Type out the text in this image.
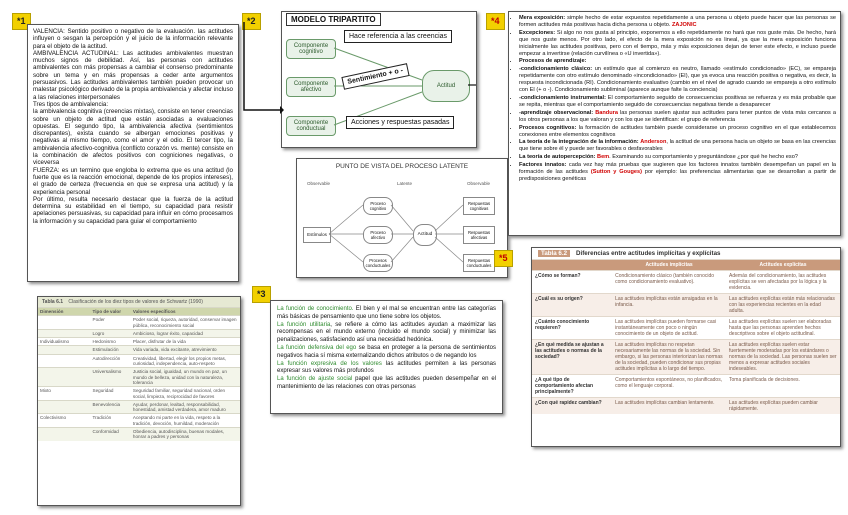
*1

VALENCIA: Sentido positivo o negativo de la evaluación. las actitudes influyen o sesgan la percepción y el juicio de la información relevante para el objeto de la actitud.

AMBIVALENCIA ACTUDINAL: Las actitudes ambivalentes muestran muchos signos de debilidad. Así, las personas con actitudes ambivalentes con más propensas a cambiar el consenso predominante sobre un tema y en más propensas a ceder ante argumentos persuasivos. Las actitudes ambivalentes también pueden provocar un malestar psicológico derivado de la propia ambivalencia y afectar incluso a las relaciones interpersonales

Tres tipos de ambivalencia:

la ambivalencia cognitiva (creencias mixtas), consiste en tener creencias sobre un objeto de actitud que están asociadas a evaluaciones opuestas. El segundo tipo, la ambivalencia afectiva (sentimientos discrepantes), exista cuando se albergan emociones positivas y negativas al mismo tiempo, como el amor y el odio. El tercer tipo, la ambivalencia afectivo-cognitiva (conflicto corazón vs. mente) consiste en la combinación de afectos positivos con cogniciones negativas, o viceversa

FUERZA: es un termino que engloba lo extrema que es una actitud (lo fuerte que es la reacción emocional, depende de los propios intereses), el grado de certeza (frecuencia en que se expresa una actitud) y la experiencia personal

Por último, resulta necesario destacar que la fuerza de la actitud determina su estabilidad en el tiempo, su capacidad para resistir apelaciones persuasivas, su capacidad para influir en cómo procesamos la información y su capacidad para guiar el comportamiento

Tabla 6.1 Clasificación de los diez tipos de valores de Schwartz (1990)
Dimensión	Tipo de valor	Valores específicos
	Poder	Poder social, riqueza, autoridad, conservar imagen pública, reconocimiento social
	Logro	Ambicioso, lograr éxito, capacidad
Individualismo	Hedonismo	Placer, disfrutar de la vida
	Estimulación	Vida variada, vida excitante, atrevimiento
	Autodirección	Creatividad, libertad, elegir los propios metas, curiosidad, independencia, auto-respeto
	Universalismo	Justicia social, igualdad, un mundo en paz, un mundo de belleza, unidad con la naturaleza, tolerancia
Mixto	Seguridad	Seguridad familiar, seguridad nacional, orden social, limpieza, reciprocidad de favores
	Benevolencia	Ayudar, perdonar, lealtad, responsabilidad, honestidad, amistad verdadera, amor maduro
Colectivismo	Tradición	Aceptando mi parte en la vida, respeto a la tradición, devoción, humildad, moderación
	Conformidad	Obediencia, autodisciplina, buenas modales, honrar a padres y personas
*2	MODELO TRIPARTITO
Componente cognitivo
Componente afectivo
Componente conductual
Actitud
Hace referencia a las creencias
Sentimiento + o -
Acciones y respuestas pasadas
PUNTO DE VISTA DEL PROCESO LATENTE
Observable	Latente	Observable
Estímulos
Proceso cognitivo
Proceso afectivo
Procesos conductuales
Actitud
Respuestas cognitivas
Respuestas afectivas
Respuestas conductuales
*3
La función de conocimiento. El bien y el mal se encuentran entre las categorías más básicas de pensamiento que uno tiene sobre los objetos.
La función utilitaria, se refiere a cómo las actitudes ayudan a maximizar las recompensas en el mundo externo (incluido el mundo social) y minimizar las penalizaciones, satisfaciendo así una necesidad hedónica.
La función defensiva del ego se basa en proteger a la persona de sentimientos negativos hacia sí misma externalizando dichos atributos o de negando los
La función expresiva de los valores las actitudes permiten a las personas expresar sus valores más profundos
La función de ajuste social papel que las actitudes pueden desempeñar en el mantenimiento de las relaciones con otras personas
*4	• Mera exposición: simple hecho de estar expuestos repetidamente a una persona u objeto puede hacer que las personas se formen actitudes más positivas hacia dicha persona u objeto. ZAJONIC
• Excepciones: Si algo no nos gusta al principio, exponernos a ello repetidamente no hará que nos guste más. De hecho, hará que nos guste menos. Por otro lado, el efecto de la mera exposición no es lineal, ya que la mera exposición funciona inicialmente las actitudes positivas, pero con el tiempo, más y más exposiciones dejan de tener este efecto, e incluso puede empezar a invertirse (relación curvilínea o «U invertida»).
• Procesos de aprendizaje:
• -condicionamiento clásico: un estímulo que al comienzo es neutro, llamado «estímulo condicionado» (EC), se empareja repetidamente con otro estímulo denominado «incondicionado» (EI), que ya evoca una reacción positiva o negativa, es decir, la respuesta incondicionada (RI). Condicionamiento evaluativo (cambio en el nivel de agrado cuando se empareja a otro estímulo con EI (+ o -). Condicionamiento subliminal (aparece aunque falte la conciencia)
• -condicionamiento instrumental: El comportamiento seguido de consecuencias positivas se refuerza y es más probable que se repita, mientras que el comportamiento seguido de consecuencias negativas tiende a desaparecer
• -aprendizaje observacional: Bandura las personas suelen ajustar sus actitudes para tener puntos de vista más cercanos a los otros personas a los que valoran y con los que se identifican: el grupo de referencia
• Procesos cognitivos: la formación de actitudes también puede considerarse un proceso cognitivo en el que establecemos conexiones entre elementos cognitivos
• La teoría de la integración de la información: Anderson, la actitud de una persona hacia un objeto se basa en las creencias que tiene sobre él y puede ser favorables o desfavorables
• La teoría de autopercepción: Bem. Examinando su comportamiento y preguntándose ¿por qué he hecho eso?
• Factores innatos: cada vez hay más pruebas que sugieren que los factores innatos también desempeñan un papel en la formación de las actitudes (Sutton y Gouges) por ejemplo: las preferencias alimentarias que se desarrollan a partir de predisposiciones genéticas
*5	Tabla 6.2	Diferencias entre actitudes implícitas y explícitas
	Actitudes implícitas	Actitudes explícitas
¿Cómo se forman?	Condicionamiento clásico (también conocido como condicionamiento evaluativo).	Además del condicionamiento, las actitudes explícitas se ven afectadas por la lógica y la evidencia.
¿Cuál es su origen?	Las actitudes implícitas están arraigadas en la infancia.	Las actitudes explícitas están más relacionadas con las experiencias recientes en la edad adulta.
¿Cuánto conocimiento requieren?	Las actitudes implícitas pueden formarse casi instantáneamente con poco o ningún conocimiento de un objeto de actitud.	Las actitudes explícitas suelen ser elaboradas hasta que las personas aprenden hechos descriptivos sobre el objeto actitudinal.
¿En qué medida se ajustan a las actitudes o normas de la sociedad?	Las actitudes implícitas no respetan necesariamente las normas de la sociedad. Sin embargo, si las personas interiorizan las normas de la sociedad, pueden condicionar sus propias actitudes implícitas a lo largo del tiempo.	Las actitudes explícitas suelen estar fuertemente moderadas por los estándares o normas de la sociedad. Las personas suelen ser menos a expresar actitudes sociales indeseables.
¿A qué tipo de comportamiento afectan principalmente?	Comportamientos espontáneos, no planificados, como el lenguaje corporal.	Toma planificada de decisiones.
¿Con qué rapidez cambian?	Las actitudes implícitas cambian lentamente.	Las actitudes explícitas pueden cambiar rápidamente.
